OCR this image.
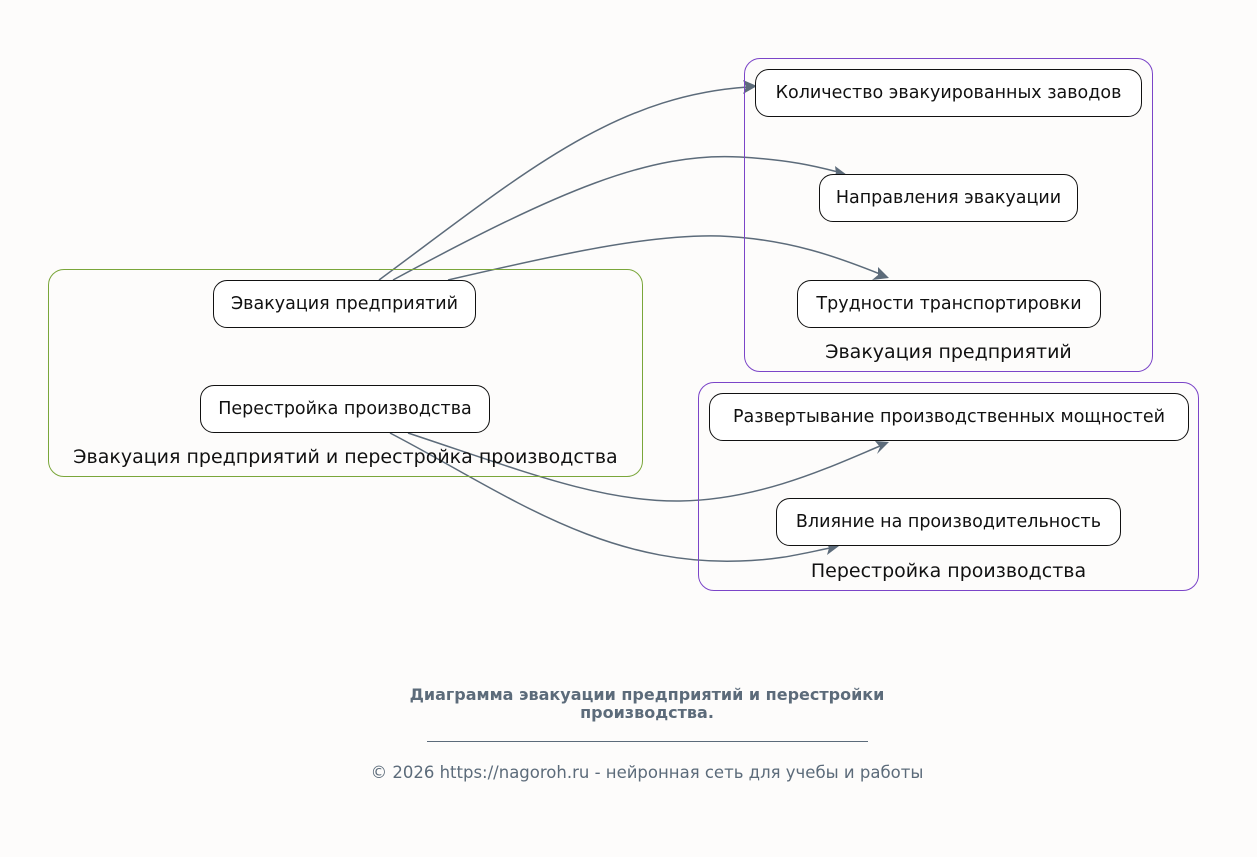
Эвакуация предприятий и перестройка производства
Эвакуация предприятий
Перестройка производства
Эвакуация предприятий
Перестройка производства
Количество эвакуированных заводов
Направления эвакуации
Трудности транспортировки
Развертывание производственных мощностей
Влияние на производительность
Диаграмма эвакуации предприятий и перестройки производства.
© 2026 https://nagoroh.ru - нейронная сеть для учебы и работы
